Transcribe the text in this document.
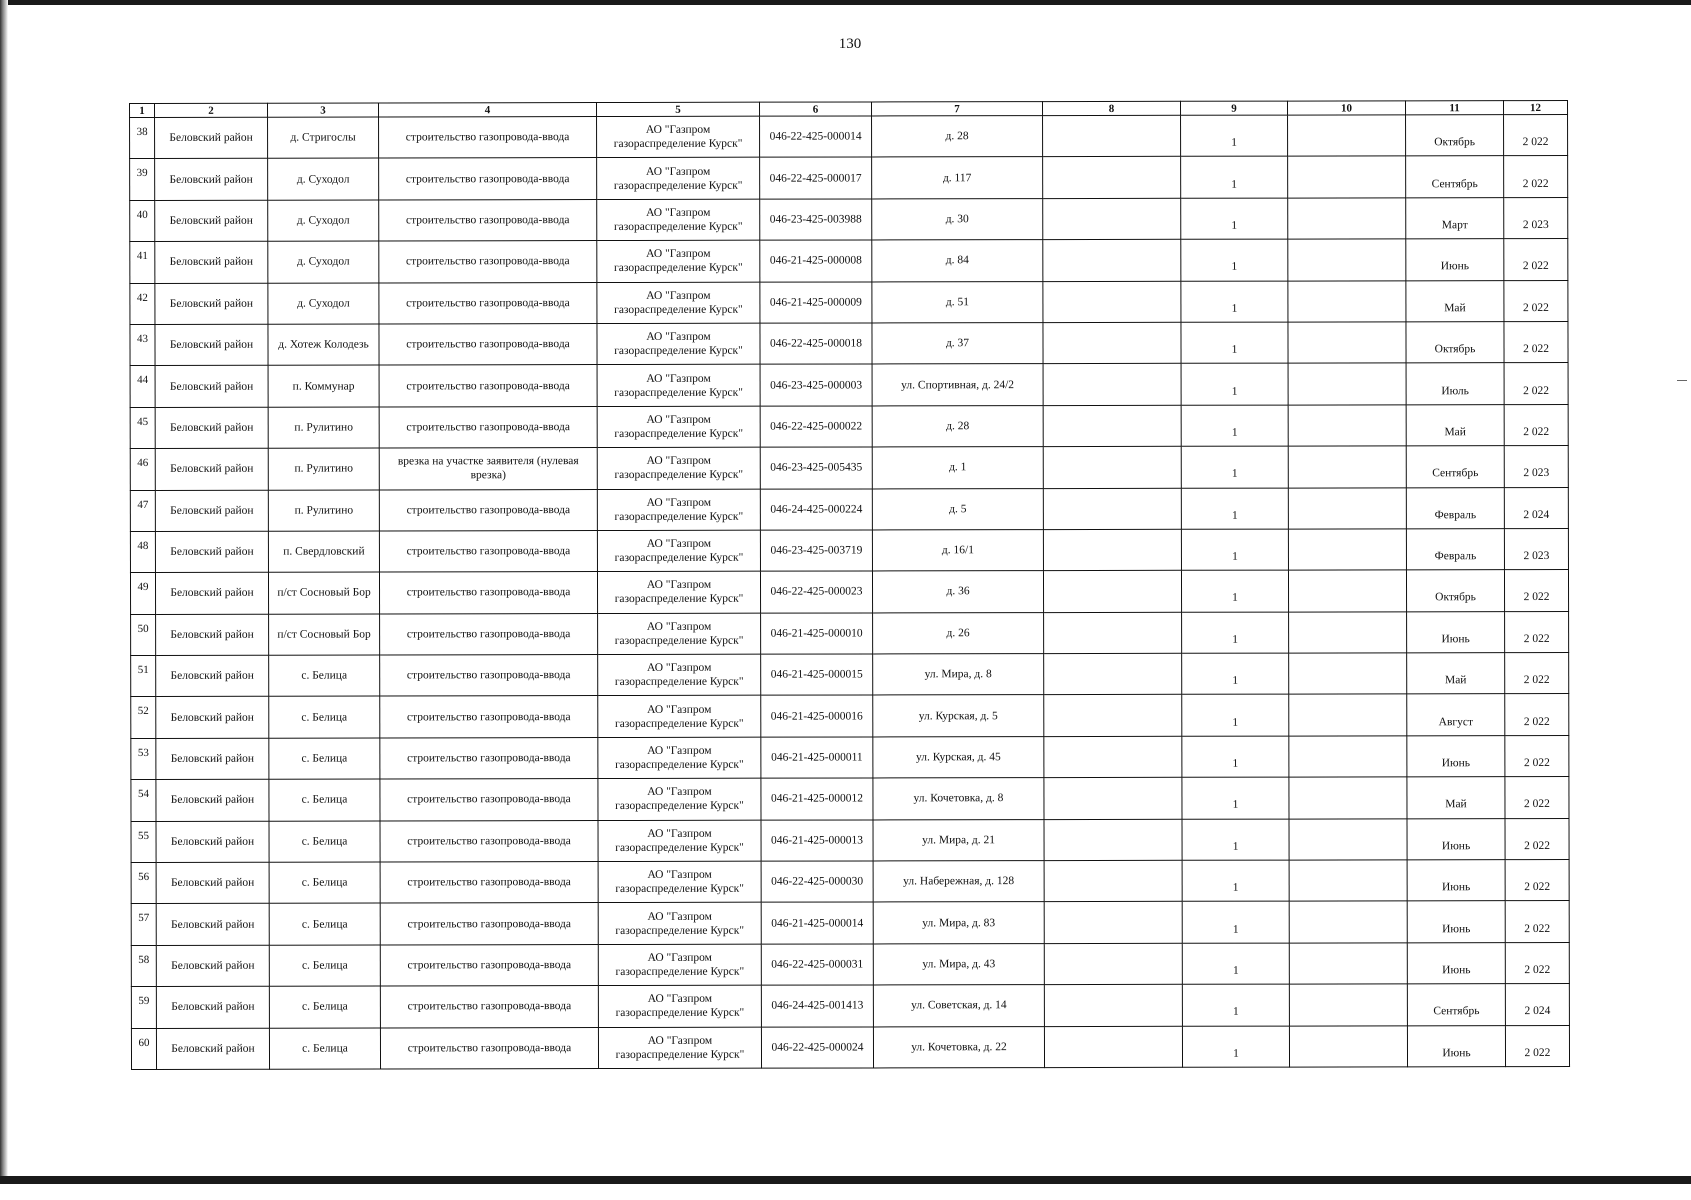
130
1	2	3	4	5	6	7	8	9	10	11	12
38	Беловский район	д. Стригослы	строительство газопровода-ввода	АО "Газпром газораспределение Курск"	046-22-425-000014	д. 28		1		Октябрь	2 022
39	Беловский район	д. Суходол	строительство газопровода-ввода	АО "Газпром газораспределение Курск"	046-22-425-000017	д. 117		1		Сентябрь	2 022
40	Беловский район	д. Суходол	строительство газопровода-ввода	АО "Газпром газораспределение Курск"	046-23-425-003988	д. 30		1		Март	2 023
41	Беловский район	д. Суходол	строительство газопровода-ввода	АО "Газпром газораспределение Курск"	046-21-425-000008	д. 84		1		Июнь	2 022
42	Беловский район	д. Суходол	строительство газопровода-ввода	АО "Газпром газораспределение Курск"	046-21-425-000009	д. 51		1		Май	2 022
43	Беловский район	д. Хотеж Колодезь	строительство газопровода-ввода	АО "Газпром газораспределение Курск"	046-22-425-000018	д. 37		1		Октябрь	2 022
44	Беловский район	п. Коммунар	строительство газопровода-ввода	АО "Газпром газораспределение Курск"	046-23-425-000003	ул. Спортивная, д. 24/2		1		Июль	2 022
45	Беловский район	п. Рулитино	строительство газопровода-ввода	АО "Газпром газораспределение Курск"	046-22-425-000022	д. 28		1		Май	2 022
46	Беловский район	п. Рулитино	врезка на участке заявителя (нулевая врезка)	АО "Газпром газораспределение Курск"	046-23-425-005435	д. 1		1		Сентябрь	2 023
47	Беловский район	п. Рулитино	строительство газопровода-ввода	АО "Газпром газораспределение Курск"	046-24-425-000224	д. 5		1		Февраль	2 024
48	Беловский район	п. Свердловский	строительство газопровода-ввода	АО "Газпром газораспределение Курск"	046-23-425-003719	д. 16/1		1		Февраль	2 023
49	Беловский район	п/ст Сосновый Бор	строительство газопровода-ввода	АО "Газпром газораспределение Курск"	046-22-425-000023	д. 36		1		Октябрь	2 022
50	Беловский район	п/ст Сосновый Бор	строительство газопровода-ввода	АО "Газпром газораспределение Курск"	046-21-425-000010	д. 26		1		Июнь	2 022
51	Беловский район	с. Белица	строительство газопровода-ввода	АО "Газпром газораспределение Курск"	046-21-425-000015	ул. Мира, д. 8		1		Май	2 022
52	Беловский район	с. Белица	строительство газопровода-ввода	АО "Газпром газораспределение Курск"	046-21-425-000016	ул. Курская, д. 5		1		Август	2 022
53	Беловский район	с. Белица	строительство газопровода-ввода	АО "Газпром газораспределение Курск"	046-21-425-000011	ул. Курская, д. 45		1		Июнь	2 022
54	Беловский район	с. Белица	строительство газопровода-ввода	АО "Газпром газораспределение Курск"	046-21-425-000012	ул. Кочетовка, д. 8		1		Май	2 022
55	Беловский район	с. Белица	строительство газопровода-ввода	АО "Газпром газораспределение Курск"	046-21-425-000013	ул. Мира, д. 21		1		Июнь	2 022
56	Беловский район	с. Белица	строительство газопровода-ввода	АО "Газпром газораспределение Курск"	046-22-425-000030	ул. Набережная, д. 128		1		Июнь	2 022
57	Беловский район	с. Белица	строительство газопровода-ввода	АО "Газпром газораспределение Курск"	046-21-425-000014	ул. Мира, д. 83		1		Июнь	2 022
58	Беловский район	с. Белица	строительство газопровода-ввода	АО "Газпром газораспределение Курск"	046-22-425-000031	ул. Мира, д. 43		1		Июнь	2 022
59	Беловский район	с. Белица	строительство газопровода-ввода	АО "Газпром газораспределение Курск"	046-24-425-001413	ул. Советская, д. 14		1		Сентябрь	2 024
60	Беловский район	с. Белица	строительство газопровода-ввода	АО "Газпром газораспределение Курск"	046-22-425-000024	ул. Кочетовка, д. 22		1		Июнь	2 022
